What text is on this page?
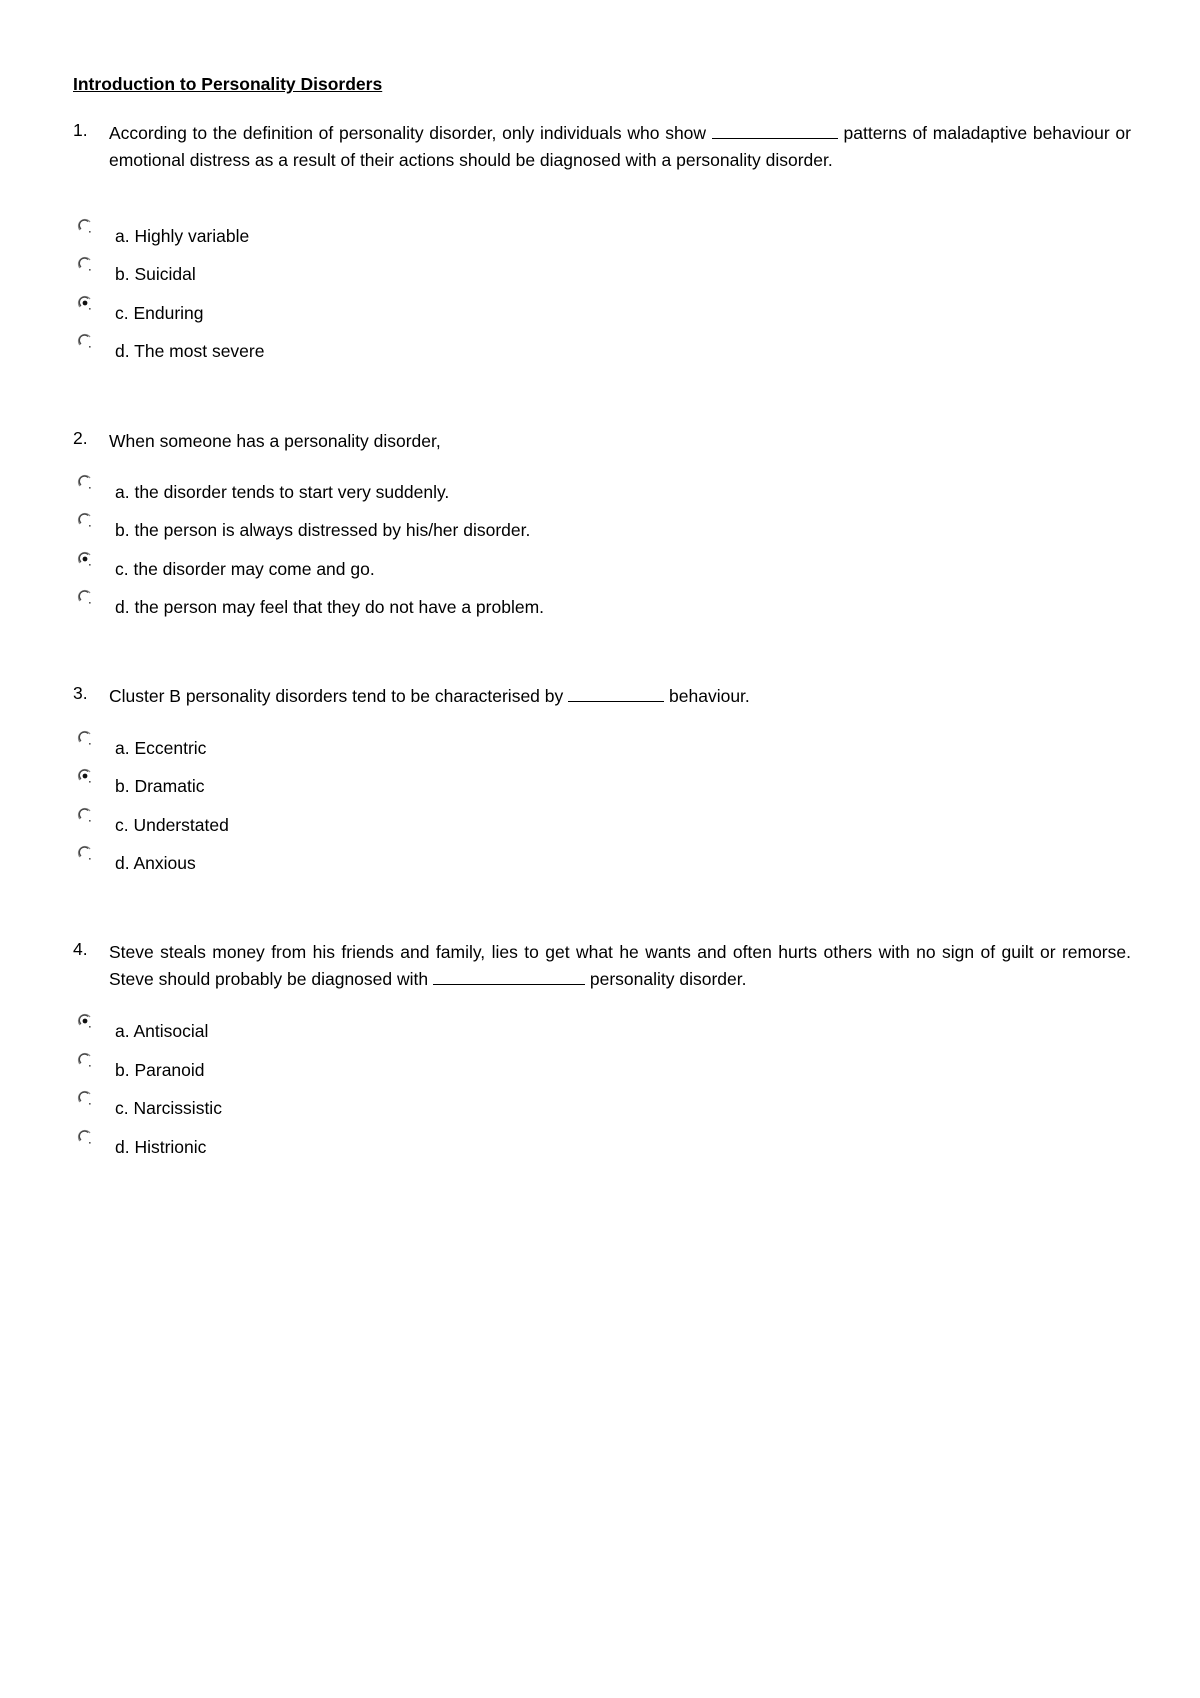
Introduction to Personality Disorders
1.	According to the definition of personality disorder, only individuals who show	patterns of maladaptive behaviour or emotional distress as a result of their actions should be diagnosed with a personality disorder.
a. Highly variable
b. Suicidal
c. Enduring
d. The most severe
2.	When someone has a personality disorder,
a. the disorder tends to start very suddenly.
b. the person is always distressed by his/her disorder.
c. the disorder may come and go.
d. the person may feel that they do not have a problem.
3.	Cluster B personality disorders tend to be characterised by	behaviour.
a. Eccentric
b. Dramatic
c. Understated
d. Anxious
4.	Steve steals money from his friends and family, lies to get what he wants and often hurts others with no sign of guilt or remorse. Steve should probably be diagnosed with	personality disorder.
a. Antisocial
b. Paranoid
c. Narcissistic
d. Histrionic
